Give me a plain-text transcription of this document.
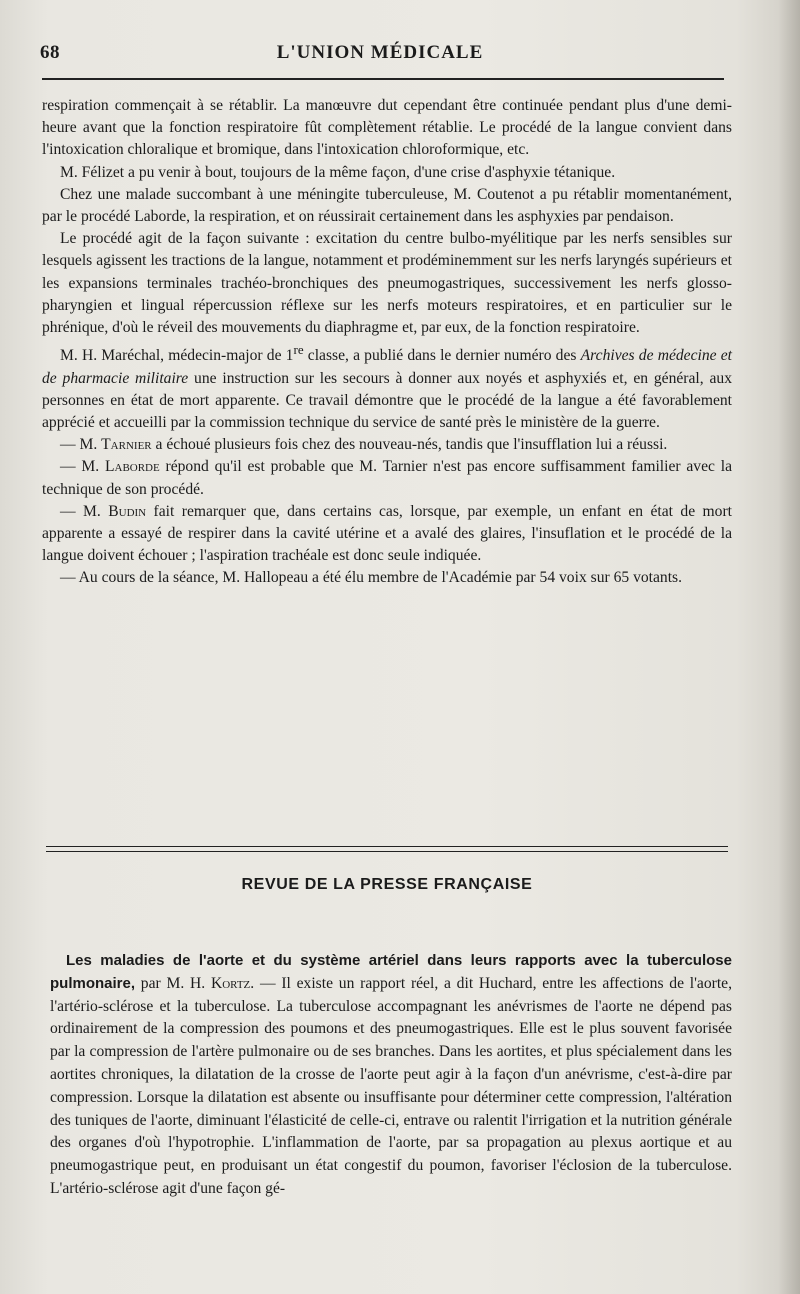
68	L'UNION MÉDICALE

respiration commençait à se rétablir. La manœuvre dut cependant être continuée pendant plus d'une demi-heure avant que la fonction respiratoire fût complètement rétablie. Le procédé de la langue convient dans l'intoxication chloralique et bromique, dans l'intoxication chloroformique, etc.

M. Félizet a pu venir à bout, toujours de la même façon, d'une crise d'asphyxie tétanique.

Chez une malade succombant à une méningite tuberculeuse, M. Coutenot a pu rétablir momentanément, par le procédé Laborde, la respiration, et on réussirait certainement dans les asphyxies par pendaison.

Le procédé agit de la façon suivante : excitation du centre bulbo-myélitique par les nerfs sensibles sur lesquels agissent les tractions de la langue, notamment et prodéminemment sur les nerfs laryngés supérieurs et les expansions terminales trachéo-bronchiques des pneumogastriques, successivement les nerfs glosso-pharyngien et lingual répercussion réflexe sur les nerfs moteurs respiratoires, et en particulier sur le phrénique, d'où le réveil des mouvements du diaphragme et, par eux, de la fonction respiratoire.

M. H. Maréchal, médecin-major de 1re classe, a publié dans le dernier numéro des Archives de médecine et de pharmacie militaire une instruction sur les secours à donner aux noyés et asphyxiés et, en général, aux personnes en état de mort apparente. Ce travail démontre que le procédé de la langue a été favorablement apprécié et accueilli par la commission technique du service de santé près le ministère de la guerre.

— M. Tarnier a échoué plusieurs fois chez des nouveau-nés, tandis que l'insufflation lui a réussi.

— M. Laborde répond qu'il est probable que M. Tarnier n'est pas encore suffisamment familier avec la technique de son procédé.

— M. Budin fait remarquer que, dans certains cas, lorsque, par exemple, un enfant en état de mort apparente a essayé de respirer dans la cavité utérine et a avalé des glaires, l'insuflation et le procédé de la langue doivent échouer ; l'aspiration trachéale est donc seule indiquée.

— Au cours de la séance, M. Hallopeau a été élu membre de l'Académie par 54 voix sur 65 votants.

REVUE DE LA PRESSE FRANÇAISE

Les maladies de l'aorte et du système artériel dans leurs rapports avec la tuberculose pulmonaire, par M. H. Kortz. — Il existe un rapport réel, a dit Huchard, entre les affections de l'aorte, l'artério-sclérose et la tuberculose. La tuberculose accompagnant les anévrismes de l'aorte ne dépend pas ordinairement de la compression des poumons et des pneumogastriques. Elle est le plus souvent favorisée par la compression de l'artère pulmonaire ou de ses branches. Dans les aortites, et plus spécialement dans les aortites chroniques, la dilatation de la crosse de l'aorte peut agir à la façon d'un anévrisme, c'est-à-dire par compression. Lorsque la dilatation est absente ou insuffisante pour déterminer cette compression, l'altération des tuniques de l'aorte, diminuant l'élasticité de celle-ci, entrave ou ralentit l'irrigation et la nutrition générale des organes d'où l'hypotrophie. L'inflammation de l'aorte, par sa propagation au plexus aortique et au pneumogastrique peut, en produisant un état congestif du poumon, favoriser l'éclosion de la tuberculose. L'artério-sclérose agit d'une façon gé-
